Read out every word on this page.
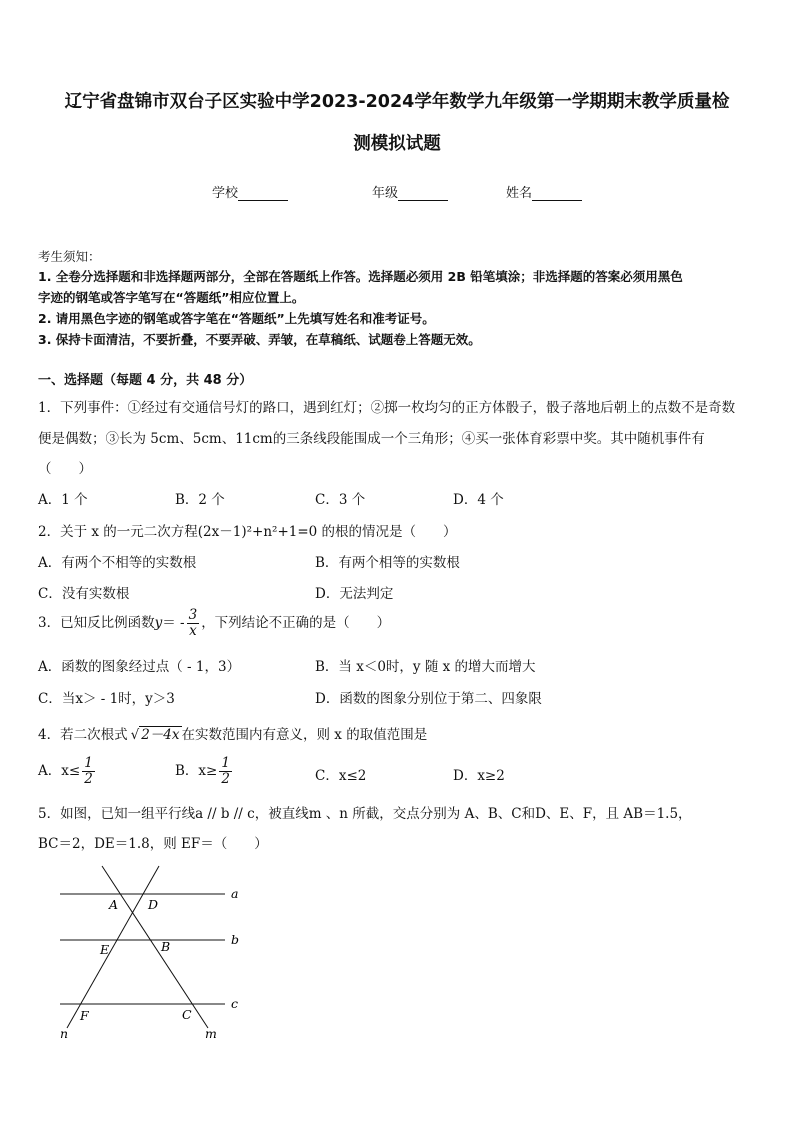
辽宁省盘锦市双台子区实验中学2023-2024学年数学九年级第一学期期末教学质量检
测模拟试题
学校	年级	姓名
考生须知：
1. 全卷分选择题和非选择题两部分，全部在答题纸上作答。选择题必须用 2B 铅笔填涂；非选择题的答案必须用黑色
字迹的钢笔或答字笔写在“答题纸”相应位置上。
2. 请用黑色字迹的钢笔或答字笔在“答题纸”上先填写姓名和准考证号。
3. 保持卡面清洁，不要折叠，不要弄破、弄皱，在草稿纸、试题卷上答题无效。
一、选择题（每题 4 分，共 48 分）
1．下列事件：①经过有交通信号灯的路口，遇到红灯；②掷一枚均匀的正方体骰子，骰子落地后朝上的点数不是奇数
便是偶数；③长为 5cm、5cm、11cm的三条线段能围成一个三角形；④买一张体育彩票中奖。其中随机事件有
（　　）
A．1 个	B．2 个	C．3 个	D．4 个
2．关于 x 的一元二次方程(2x－1)²+n²+1=0 的根的情况是（　　）
A．有两个不相等的实数根	B．有两个相等的实数根
C．没有实数根	D．无法判定
3．已知反比例函数$y= - \frac{3}{x}$ ，下列结论不正确的是（　　）
A．函数的图象经过点（ - 1，3）	B．当 x＜0时，y 随 x 的增大而增大
C．当x＞ - 1时，y＞3	D．函数的图象分别位于第二、四象限
4．若二次根式 √ 2－4x 在实数范围内有意义，则 x 的取值范围是
A．$x\le \frac{1}{2}$	B．$x\ge \frac{1}{2}$	C．x≤2	D．x≥2
5．如图，已知一组平行线a // b // c，被直线m 、n 所截，交点分别为 A、B、C和D、E、F，且 AB＝1.5，
BC＝2，DE＝1.8，则 EF＝（　　）
a
b
c
n	m
A D
E	B
F	C
